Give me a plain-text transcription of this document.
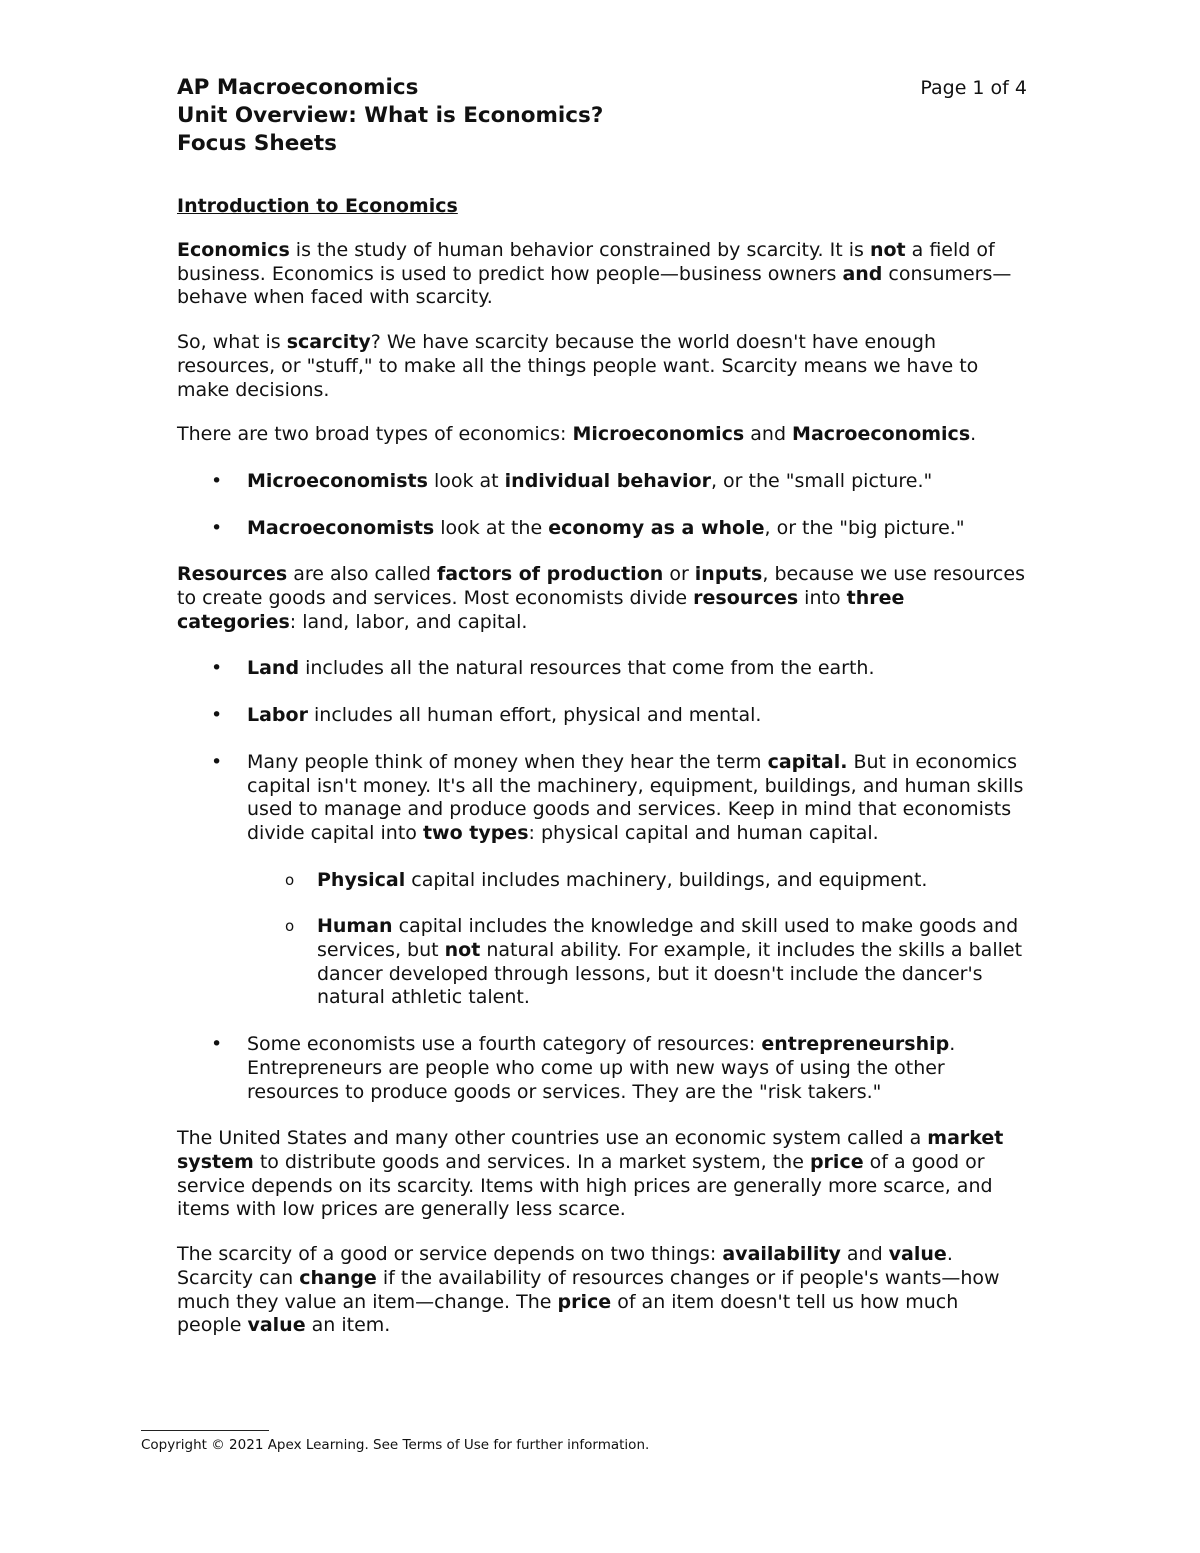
AP Macroeconomics	Page 1 of 4
Unit Overview: What is Economics?
Focus Sheets
Introduction to Economics

Economics is the study of human behavior constrained by scarcity. It is not a field of business. Economics is used to predict how people—business owners and consumers—behave when faced with scarcity.

So, what is scarcity? We have scarcity because the world doesn't have enough resources, or "stuff," to make all the things people want. Scarcity means we have to make decisions.

There are two broad types of economics: Microeconomics and Macroeconomics.

• Microeconomists look at individual behavior, or the "small picture."
• Macroeconomists look at the economy as a whole, or the "big picture."

Resources are also called factors of production or inputs, because we use resources to create goods and services. Most economists divide resources into three categories: land, labor, and capital.

• Land includes all the natural resources that come from the earth.
• Labor includes all human effort, physical and mental.
• Many people think of money when they hear the term capital. But in economics capital isn't money. It's all the machinery, equipment, buildings, and human skills used to manage and produce goods and services. Keep in mind that economists divide capital into two types: physical capital and human capital.
o Physical capital includes machinery, buildings, and equipment.
o Human capital includes the knowledge and skill used to make goods and services, but not natural ability. For example, it includes the skills a ballet dancer developed through lessons, but it doesn't include the dancer's natural athletic talent.
• Some economists use a fourth category of resources: entrepreneurship. Entrepreneurs are people who come up with new ways of using the other resources to produce goods or services. They are the "risk takers."

The United States and many other countries use an economic system called a market system to distribute goods and services. In a market system, the price of a good or service depends on its scarcity. Items with high prices are generally more scarce, and items with low prices are generally less scarce.

The scarcity of a good or service depends on two things: availability and value. Scarcity can change if the availability of resources changes or if people's wants—how much they value an item—change. The price of an item doesn't tell us how much people value an item.

Copyright © 2021 Apex Learning. See Terms of Use for further information.
